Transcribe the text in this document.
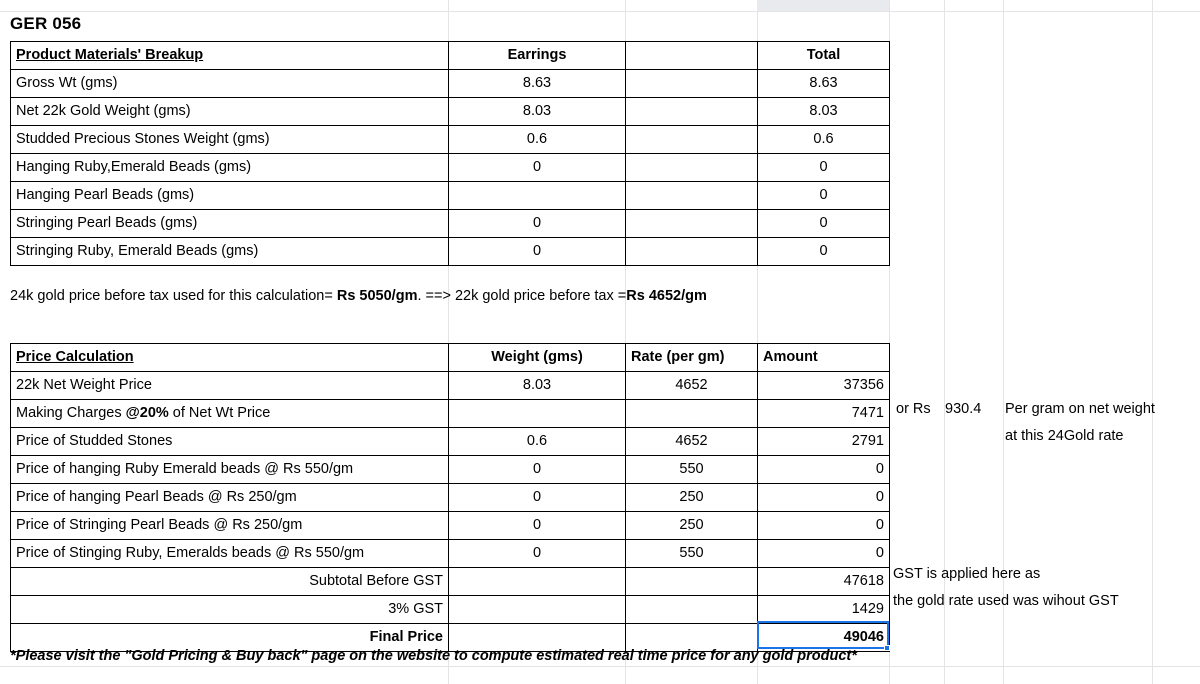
GER 056
Product Materials' Breakup	Earrings		Total
Gross Wt (gms)	8.63		8.63
Net 22k Gold Weight (gms)	8.03		8.03
Studded Precious Stones Weight (gms)	0.6		0.6
Hanging Ruby,Emerald Beads (gms)	0		0
Hanging Pearl Beads (gms)			0
Stringing Pearl Beads (gms)	0		0
Stringing Ruby, Emerald Beads (gms)	0		0
24k gold price before tax used for this calculation= Rs 5050/gm. ==> 22k gold price before tax =Rs 4652/gm
Price Calculation	Weight (gms)	Rate (per gm)	Amount
22k Net Weight Price	8.03	4652	37356
Making Charges @20% of Net Wt Price			7471
Price of Studded Stones	0.6	4652	2791
Price of hanging Ruby Emerald beads @ Rs 550/gm	0	550	0
Price of hanging Pearl Beads @ Rs 250/gm	0	250	0
Price of Stringing Pearl Beads @ Rs 250/gm	0	250	0
Price of Stinging Ruby, Emeralds beads @ Rs 550/gm	0	550	0
Subtotal Before GST			47618
3% GST			1429
Final Price			49046
or Rs 930.4 Per gram on net weight
at this 24Gold rate
GST is applied here as
the gold rate used was wihout GST
*Please visit the "Gold Pricing & Buy back" page on the website to compute estimated real time price for any gold product*
